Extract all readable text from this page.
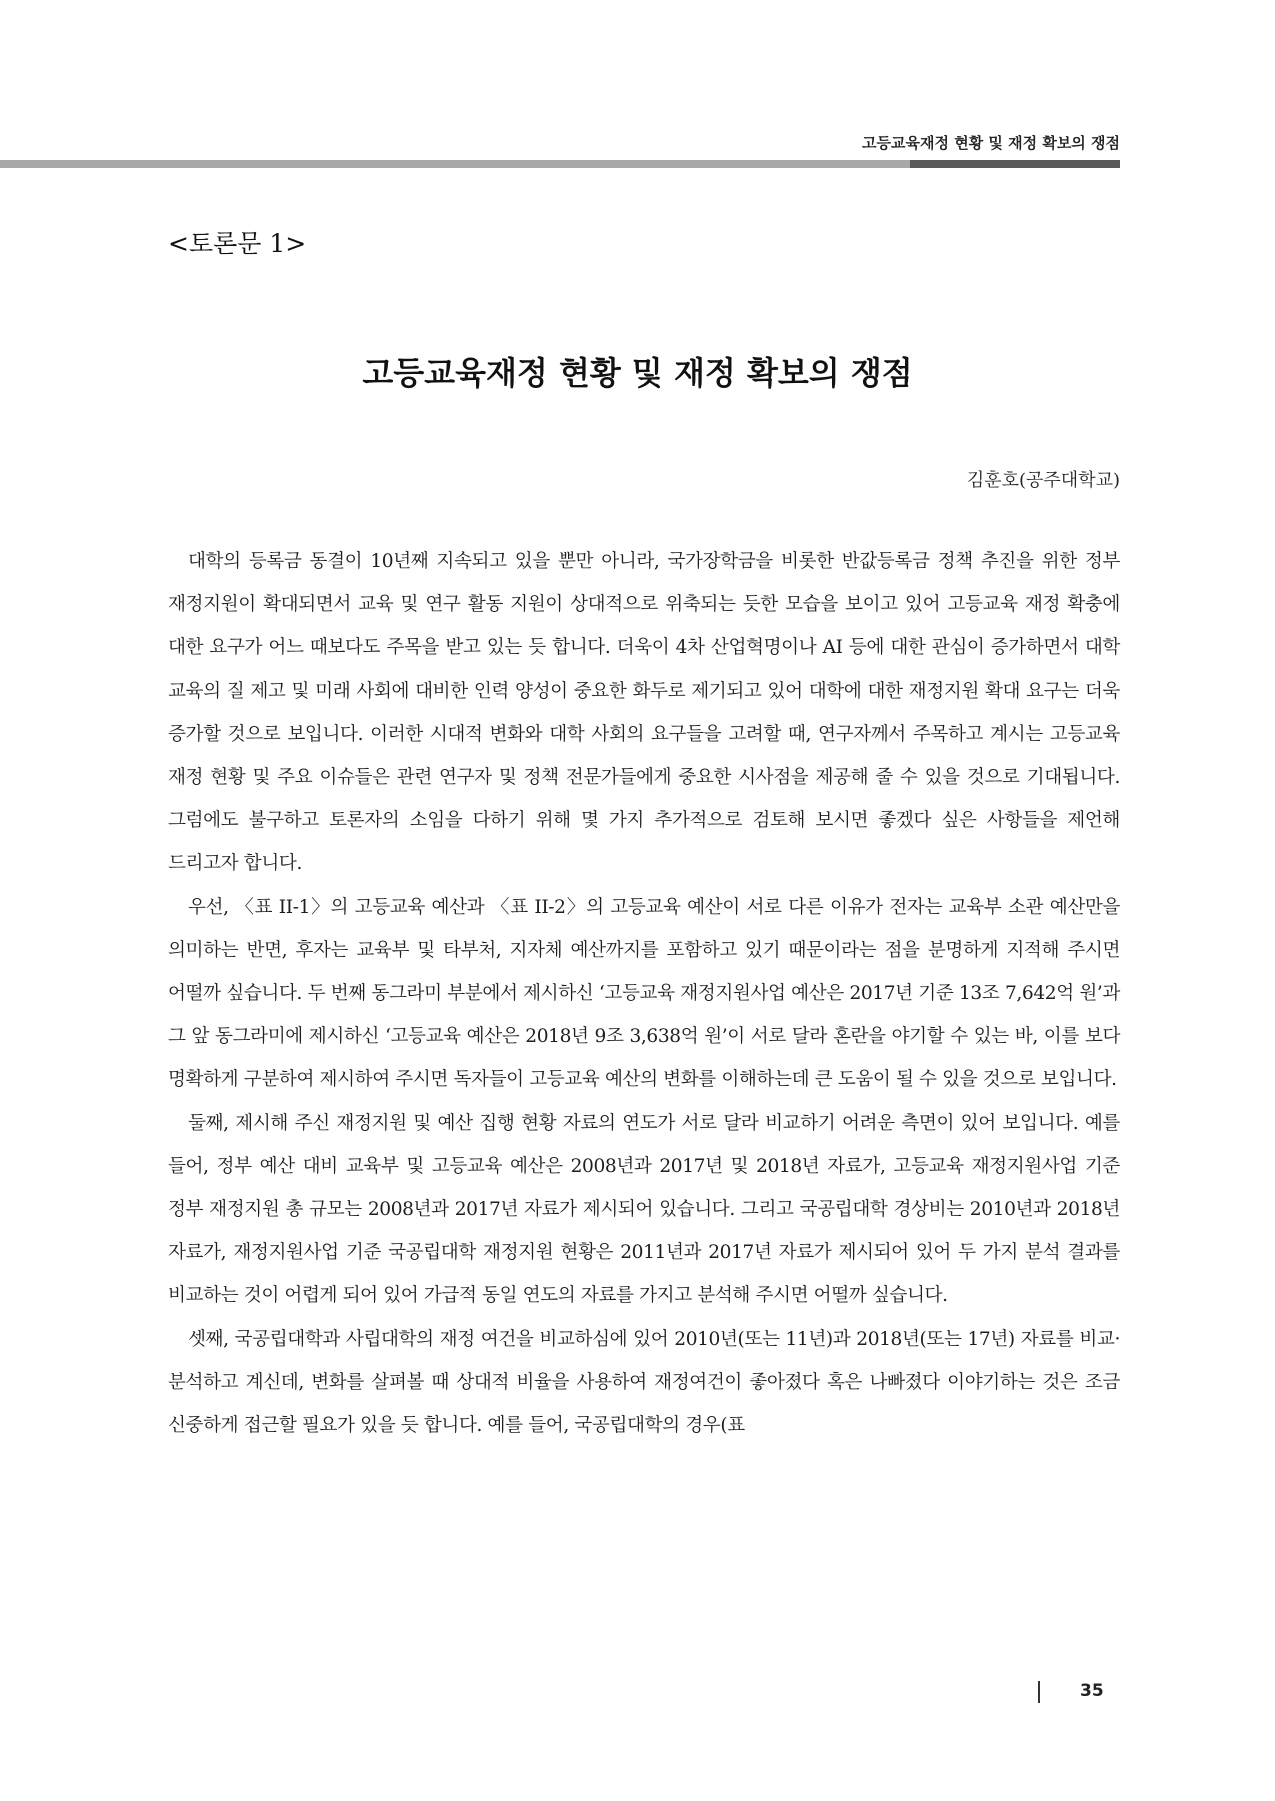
고등교육재정 현황 및 재정 확보의 쟁점
<토론문 1>
고등교육재정 현황 및 재정 확보의 쟁점
김훈호(공주대학교)

대학의 등록금 동결이 10년째 지속되고 있을 뿐만 아니라, 국가장학금을 비롯한 반값등록금 정책 추진을 위한 정부 재정지원이 확대되면서 교육 및 연구 활동 지원이 상대적으로 위축되는 듯한 모습을 보이고 있어 고등교육 재정 확충에 대한 요구가 어느 때보다도 주목을 받고 있는 듯 합니다. 더욱이 4차 산업혁명이나 AI 등에 대한 관심이 증가하면서 대학 교육의 질 제고 및 미래 사회에 대비한 인력 양성이 중요한 화두로 제기되고 있어 대학에 대한 재정지원 확대 요구는 더욱 증가할 것으로 보입니다. 이러한 시대적 변화와 대학 사회의 요구들을 고려할 때, 연구자께서 주목하고 계시는 고등교육 재정 현황 및 주요 이슈들은 관련 연구자 및 정책 전문가들에게 중요한 시사점을 제공해 줄 수 있을 것으로 기대됩니다. 그럼에도 불구하고 토론자의 소임을 다하기 위해 몇 가지 추가적으로 검토해 보시면 좋겠다 싶은 사항들을 제언해 드리고자 합니다.

우선, 〈표 II-1〉의 고등교육 예산과 〈표 II-2〉의 고등교육 예산이 서로 다른 이유가 전자는 교육부 소관 예산만을 의미하는 반면, 후자는 교육부 및 타부처, 지자체 예산까지를 포함하고 있기 때문이라는 점을 분명하게 지적해 주시면 어떨까 싶습니다. 두 번째 동그라미 부분에서 제시하신 ‘고등교육 재정지원사업 예산은 2017년 기준 13조 7,642억 원’과 그 앞 동그라미에 제시하신 ‘고등교육 예산은 2018년 9조 3,638억 원’이 서로 달라 혼란을 야기할 수 있는 바, 이를 보다 명확하게 구분하여 제시하여 주시면 독자들이 고등교육 예산의 변화를 이해하는데 큰 도움이 될 수 있을 것으로 보입니다.

둘째, 제시해 주신 재정지원 및 예산 집행 현황 자료의 연도가 서로 달라 비교하기 어려운 측면이 있어 보입니다. 예를 들어, 정부 예산 대비 교육부 및 고등교육 예산은 2008년과 2017년 및 2018년 자료가, 고등교육 재정지원사업 기준 정부 재정지원 총 규모는 2008년과 2017년 자료가 제시되어 있습니다. 그리고 국공립대학 경상비는 2010년과 2018년 자료가, 재정지원사업 기준 국공립대학 재정지원 현황은 2011년과 2017년 자료가 제시되어 있어 두 가지 분석 결과를 비교하는 것이 어렵게 되어 있어 가급적 동일 연도의 자료를 가지고 분석해 주시면 어떨까 싶습니다.

셋째, 국공립대학과 사립대학의 재정 여건을 비교하심에 있어 2010년(또는 11년)과 2018년(또는 17년) 자료를 비교·분석하고 계신데, 변화를 살펴볼 때 상대적 비율을 사용하여 재정여건이 좋아졌다 혹은 나빠졌다 이야기하는 것은 조금 신중하게 접근할 필요가 있을 듯 합니다. 예를 들어, 국공립대학의 경우(표

35
